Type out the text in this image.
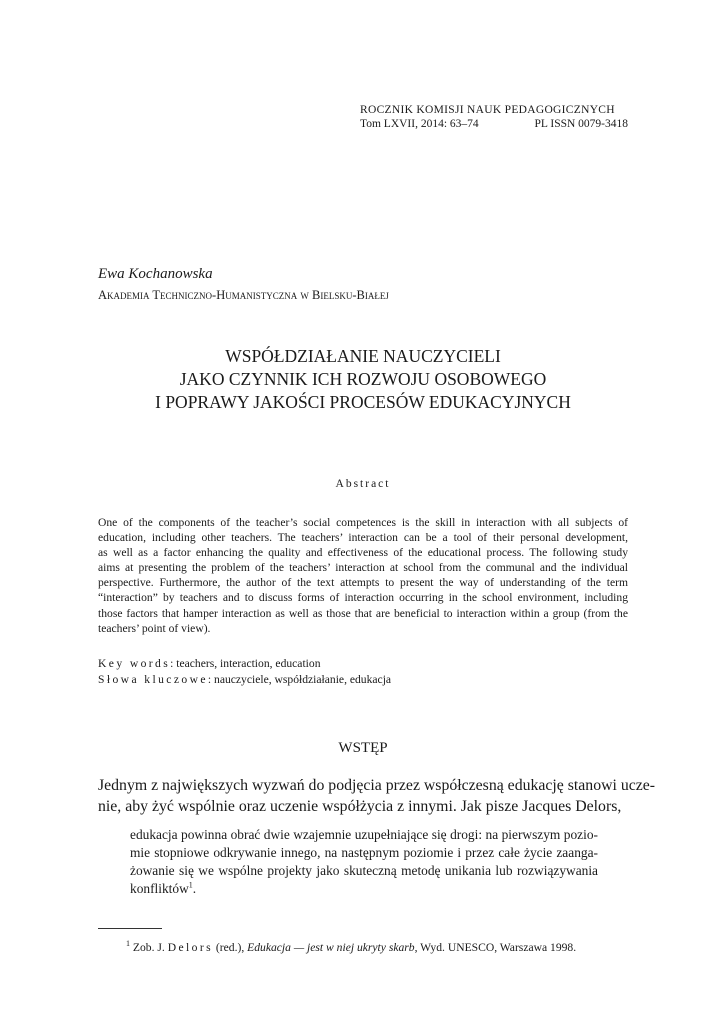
ROCZNIK KOMISJI NAUK PEDAGOGICZNYCH
Tom LXVII, 2014: 63–74	PL ISSN 0079-3418
Ewa Kochanowska
Akademia Techniczno-Humanistyczna w Bielsku-Białej
WSPÓŁDZIAŁANIE NAUCZYCIELI
JAKO CZYNNIK ICH ROZWOJU OSOBOWEGO
I POPRAWY JAKOŚCI PROCESÓW EDUKACYJNYCH
Abstract
One of the components of the teacher’s social competences is the skill in interaction with all subjects of
education, including other teachers. The teachers’ interaction can be a tool of their personal development,
as well as a factor enhancing the quality and effectiveness of the educational process. The following study
aims at presenting the problem of the teachers’ interaction at school from the communal and the individual
perspective. Furthermore, the author of the text attempts to present the way of understanding of the term
“interaction” by teachers and to discuss forms of interaction occurring in the school environment, including
those factors that hamper interaction as well as those that are beneficial to interaction within a group (from the
teachers’ point of view).
Key words: teachers, interaction, education
Słowa kluczowe: nauczyciele, współdziałanie, edukacja
WSTĘP
Jednym z największych wyzwań do podjęcia przez współczesną edukację stanowi ucze-
nie, aby żyć wspólnie oraz uczenie współżycia z innymi. Jak pisze Jacques Delors,
edukacja powinna obrać dwie wzajemnie uzupełniające się drogi: na pierwszym pozio-
mie stopniowe odkrywanie innego, na następnym poziomie i przez całe życie zaanga-
żowanie się we wspólne projekty jako skuteczną metodę unikania lub rozwiązywania
konfliktów$^1$.
$^1$ Zob. J. Delors (red.), Edukacja — jest w niej ukryty skarb, Wyd. UNESCO, Warszawa 1998.
